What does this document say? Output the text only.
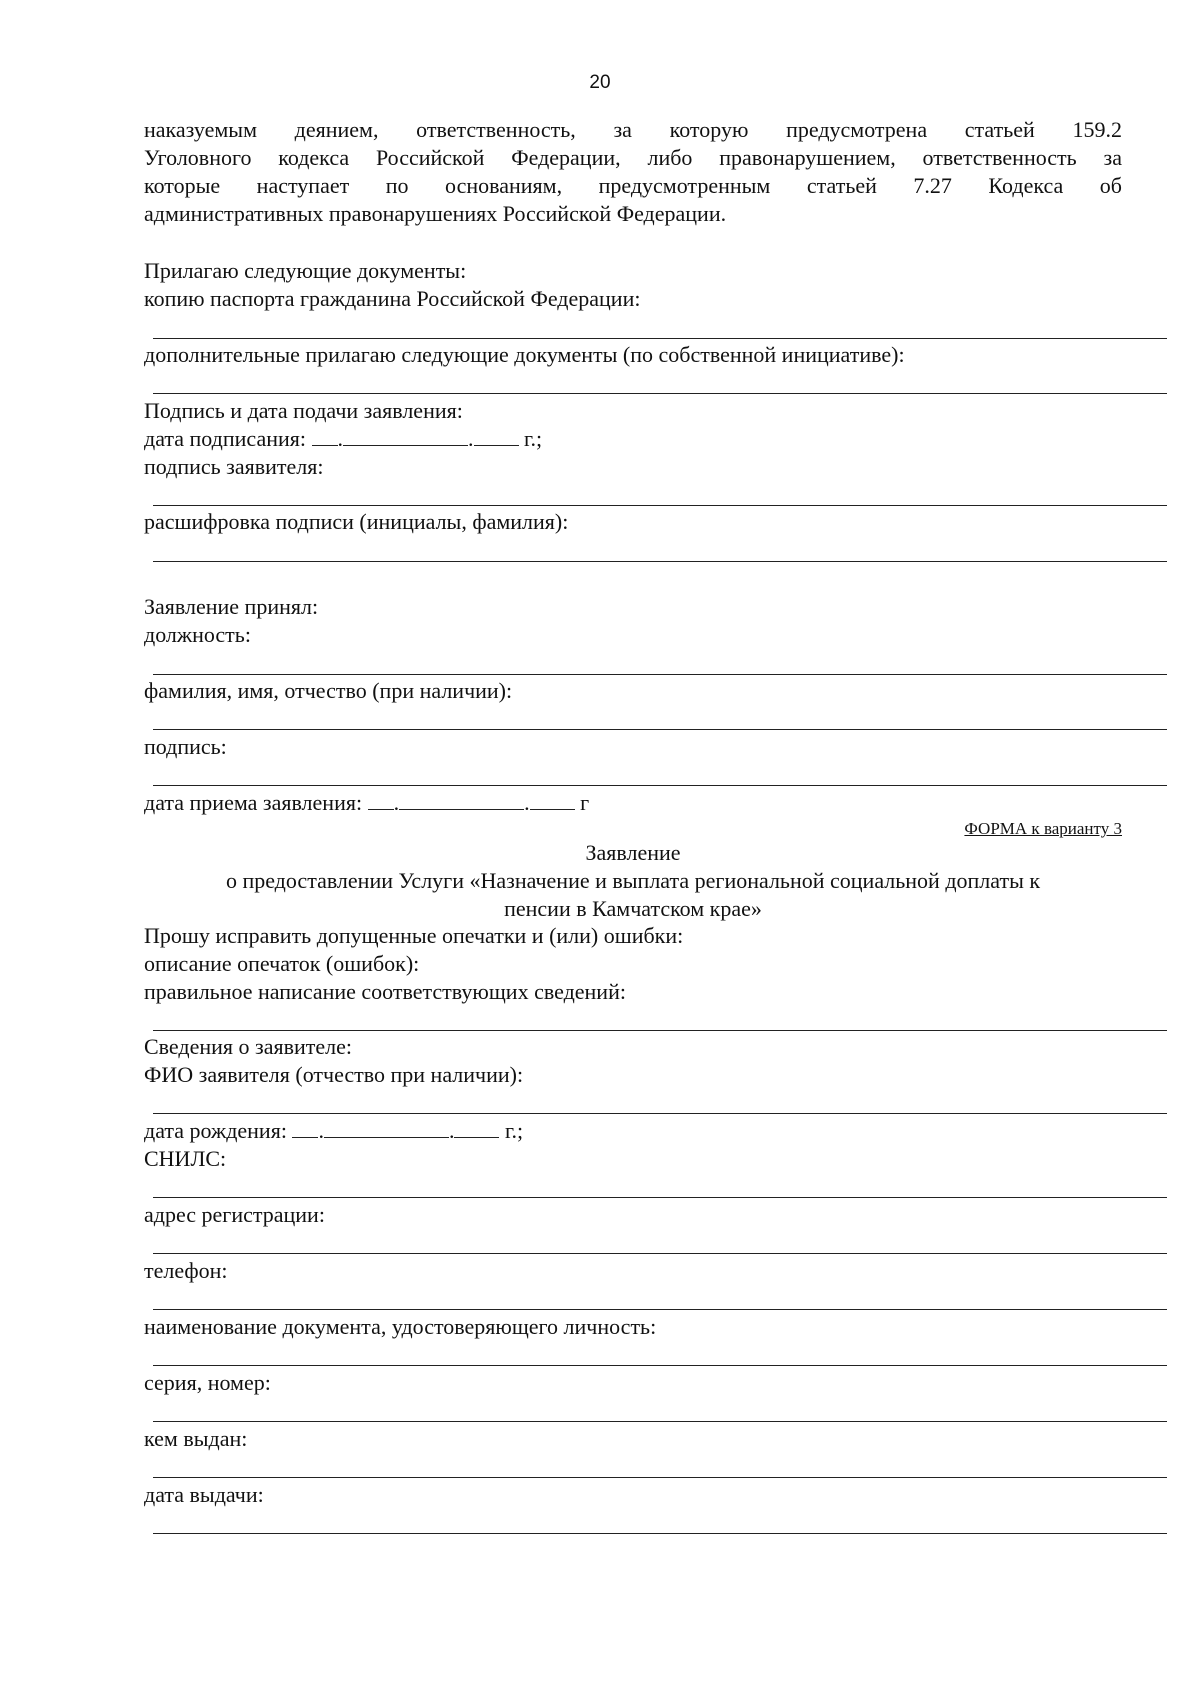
20
наказуемым деянием, ответственность, за которую предусмотрена статьей 159.2
Уголовного кодекса Российской Федерации, либо правонарушением, ответственность за
которые наступает по основаниям, предусмотренным статьей 7.27 Кодекса об
административных правонарушениях Российской Федерации.
Прилагаю следующие документы:
копию паспорта гражданина Российской Федерации:
дополнительные прилагаю следующие документы (по собственной инициативе):
Подпись и дата подачи заявления:
дата подписания: .	. г.;
подпись заявителя:
расшифровка подписи (инициалы, фамилия):
Заявление принял:
должность:
фамилия, имя, отчество (при наличии):
подпись:
дата приема заявления: .	. г
ФОРМА к варианту 3
Заявление
о предоставлении Услуги «Назначение и выплата региональной социальной доплаты к
пенсии в Камчатском крае»
Прошу исправить допущенные опечатки и (или) ошибки:
описание опечаток (ошибок):
правильное написание соответствующих сведений:
Сведения о заявителе:
ФИО заявителя (отчество при наличии):
дата рождения: .	. г.;
СНИЛС:
адрес регистрации:
телефон:
наименование документа, удостоверяющего личность:
серия, номер:
кем выдан:
дата выдачи:
